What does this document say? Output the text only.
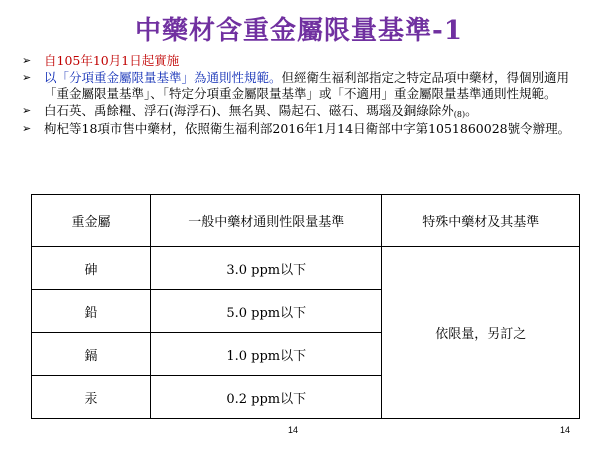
中藥材含重金屬限量基準-1
➢ 自105年10月1日起實施
➢ 以「分項重金屬限量基準」為通則性規範。但經衛生福利部指定之特定品項中藥材，得個別適用「重金屬限量基準」、「特定分項重金屬限量基準」或「不適用」重金屬限量基準通則性規範。
➢ 白石英、禹餘糧、浮石(海浮石)、無名異、陽起石、磁石、瑪瑙及銅綠除外(8)。
➢ 枸杞等18項市售中藥材，依照衛生福利部2016年1月14日衛部中字第1051860028號令辦理。
重金屬	一般中藥材通則性限量基準	特殊中藥材及其基準
砷	3.0 ppm以下	依限量，另訂之
鉛	5.0 ppm以下	
鎘	1.0 ppm以下	
汞	0.2 ppm以下	
14	14
